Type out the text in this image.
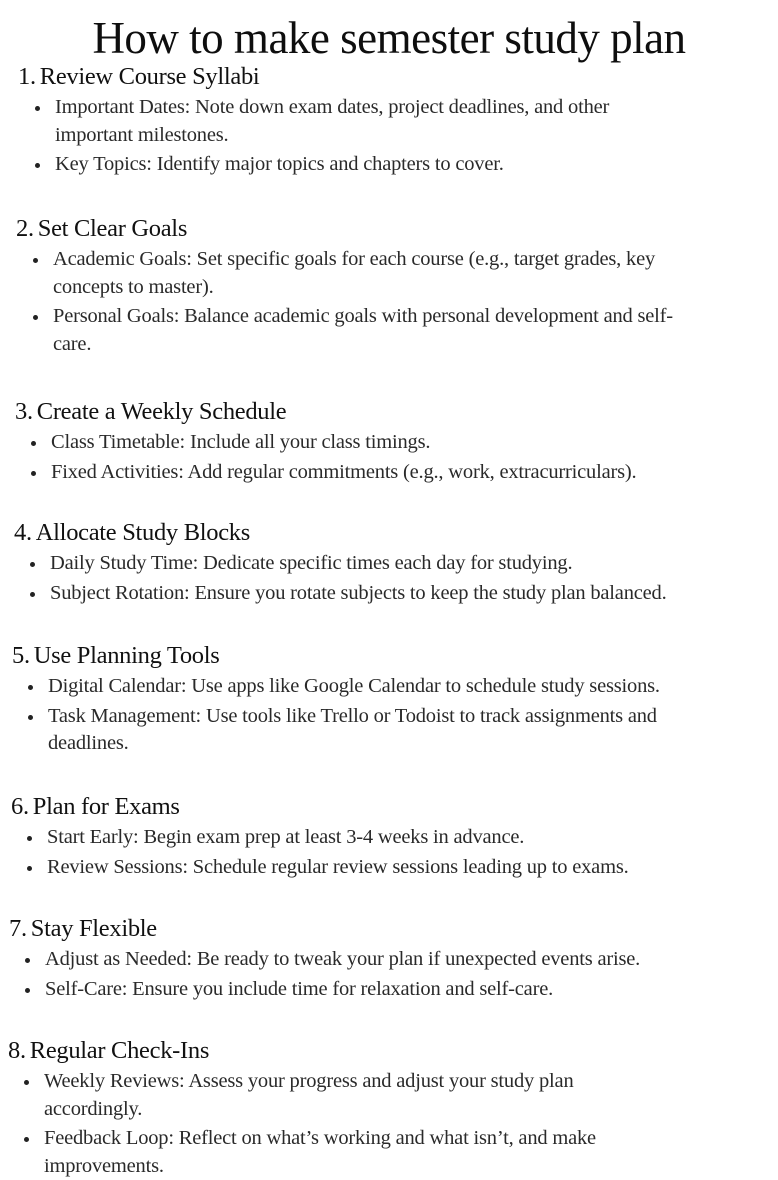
How to make semester study plan
1. Review Course Syllabi
Important Dates: Note down exam dates, project deadlines, and other
important milestones.
Key Topics: Identify major topics and chapters to cover.
2. Set Clear Goals
Academic Goals: Set specific goals for each course (e.g., target grades, key
concepts to master).
Personal Goals: Balance academic goals with personal development and self-
care.
3. Create a Weekly Schedule
Class Timetable: Include all your class timings.
Fixed Activities: Add regular commitments (e.g., work, extracurriculars).
4. Allocate Study Blocks
Daily Study Time: Dedicate specific times each day for studying.
Subject Rotation: Ensure you rotate subjects to keep the study plan balanced.
5. Use Planning Tools
Digital Calendar: Use apps like Google Calendar to schedule study sessions.
Task Management: Use tools like Trello or Todoist to track assignments and
deadlines.
6. Plan for Exams
Start Early: Begin exam prep at least 3-4 weeks in advance.
Review Sessions: Schedule regular review sessions leading up to exams.
7. Stay Flexible
Adjust as Needed: Be ready to tweak your plan if unexpected events arise.
Self-Care: Ensure you include time for relaxation and self-care.
8. Regular Check-Ins
Weekly Reviews: Assess your progress and adjust your study plan
accordingly.
Feedback Loop: Reflect on what’s working and what isn’t, and make
improvements.
